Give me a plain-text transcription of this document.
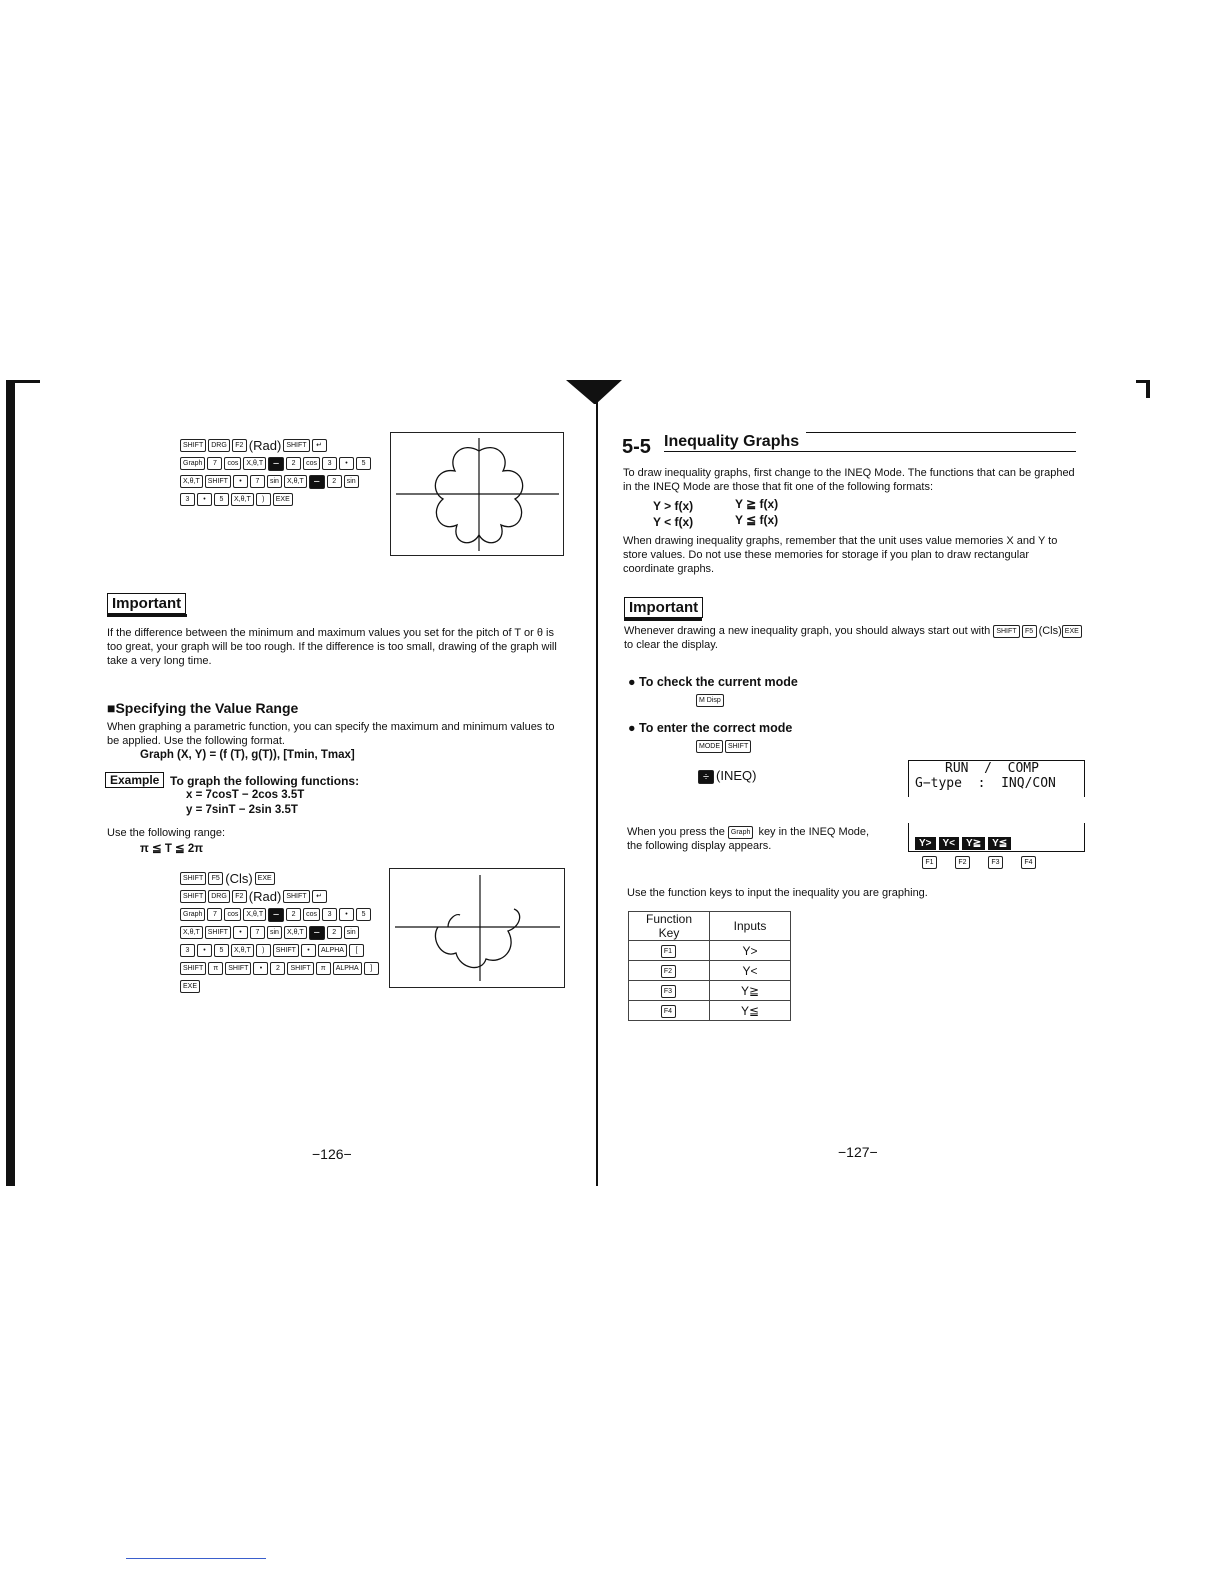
SHIFT DRG F2 (Rad) SHIFT ↵
Graph 7 cos X,θ,T − 2 cos 3 • 5
X,θ,T SHIFT • 7 sin X,θ,T − 2 sin
3 • 5 X,θ,T ) EXE
Important
If the difference between the minimum and maximum values you set for the pitch of T or θ is too great, your graph will be too rough. If the difference is too small, drawing of the graph will take a very long time.
■Specifying the Value Range
When graphing a parametric function, you can specify the maximum and minimum values to be applied. Use the following format.
Graph (X, Y) = (f (T), g(T)), [Tmin, Tmax]
Example To graph the following functions:
x = 7cosT − 2cos 3.5T
y = 7sinT − 2sin 3.5T
Use the following range:
π ≦ T ≦ 2π
SHIFT F5 (Cls) EXE
SHIFT DRG F2 (Rad) SHIFT ↵
Graph 7 cos X,θ,T − 2 cos 3 • 5
X,θ,T SHIFT • 7 sin X,θ,T − 2 sin
3 • 5 X,θ,T ) SHIFT • ALPHA [
SHIFT π SHIFT • 2 SHIFT π ALPHA ]
EXE
−126−
5-5 Inequality Graphs
To draw inequality graphs, first change to the INEQ Mode. The functions that can be graphed in the INEQ Mode are those that fit one of the following formats:
Y > f(x)	Y ≧ f(x)
Y < f(x)	Y ≦ f(x)
When drawing inequality graphs, remember that the unit uses value memories X and Y to store values. Do not use these memories for storage if you plan to draw rectangular coordinate graphs.
Important
Whenever drawing a new inequality graph, you should always start out with SHIFT F5 (Cls) EXE to clear the display.
● To check the current mode
M Disp
● To enter the correct mode
MODE SHIFT
÷ (INEQ)	RUN  /  COMP
G−type  :  INQ/CON
When you press the Graph key in the INEQ Mode, the following display appears.	Y> Y< Y≧ Y≦
F1	F2	F3	F4
Use the function keys to input the inequality you are graphing.
Function Key	Inputs
F1	Y>
F2	Y<
F3	Y≧
F4	Y≦
−127−
